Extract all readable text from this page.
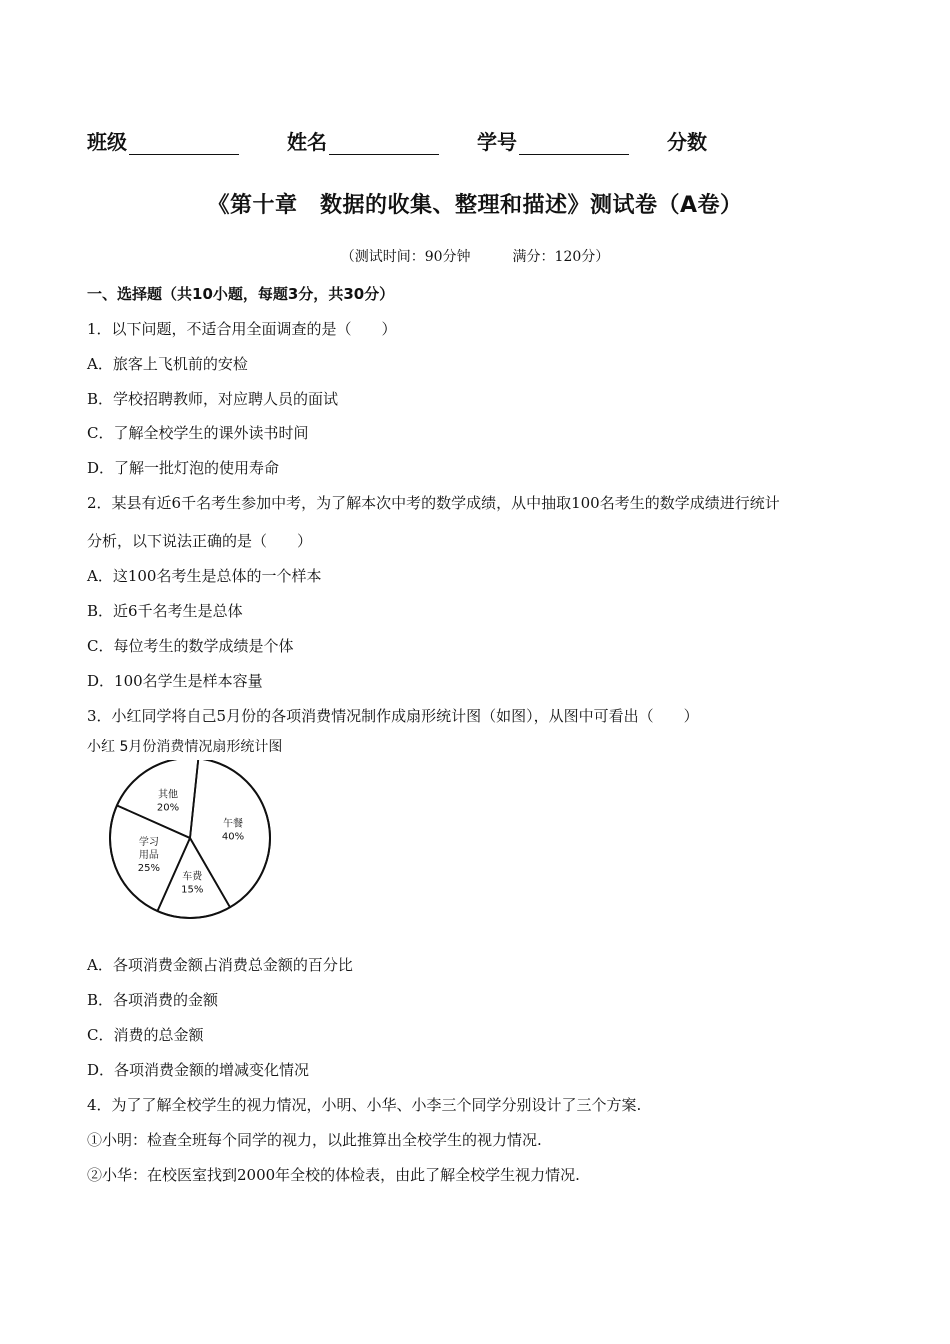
班级	姓名	学号	分数
《第十章　数据的收集、整理和描述》测试卷（A卷）
（测试时间：90分钟　　　满分：120分）
一、选择题（共10小题，每题3分，共30分）
1．以下问题，不适合用全面调查的是（　　）
A．旅客上飞机前的安检
B．学校招聘教师，对应聘人员的面试
C．了解全校学生的课外读书时间
D．了解一批灯泡的使用寿命
2．某县有近6千名考生参加中考，为了解本次中考的数学成绩，从中抽取100名考生的数学成绩进行统计
分析，以下说法正确的是（　　）
A．这100名考生是总体的一个样本
B．近6千名考生是总体
C．每位考生的数学成绩是个体
D．100名学生是样本容量
3．小红同学将自己5月份的各项消费情况制作成扇形统计图（如图），从图中可看出（　　）
小红 5月份消费情况扇形统计图
午餐
40%
车费
15%
学习
用品
25%
其他
20%
A．各项消费金额占消费总金额的百分比
B．各项消费的金额
C．消费的总金额
D．各项消费金额的增减变化情况
4．为了了解全校学生的视力情况，小明、小华、小李三个同学分别设计了三个方案.
①小明：检查全班每个同学的视力，以此推算出全校学生的视力情况.
②小华：在校医室找到2000年全校的体检表，由此了解全校学生视力情况.
